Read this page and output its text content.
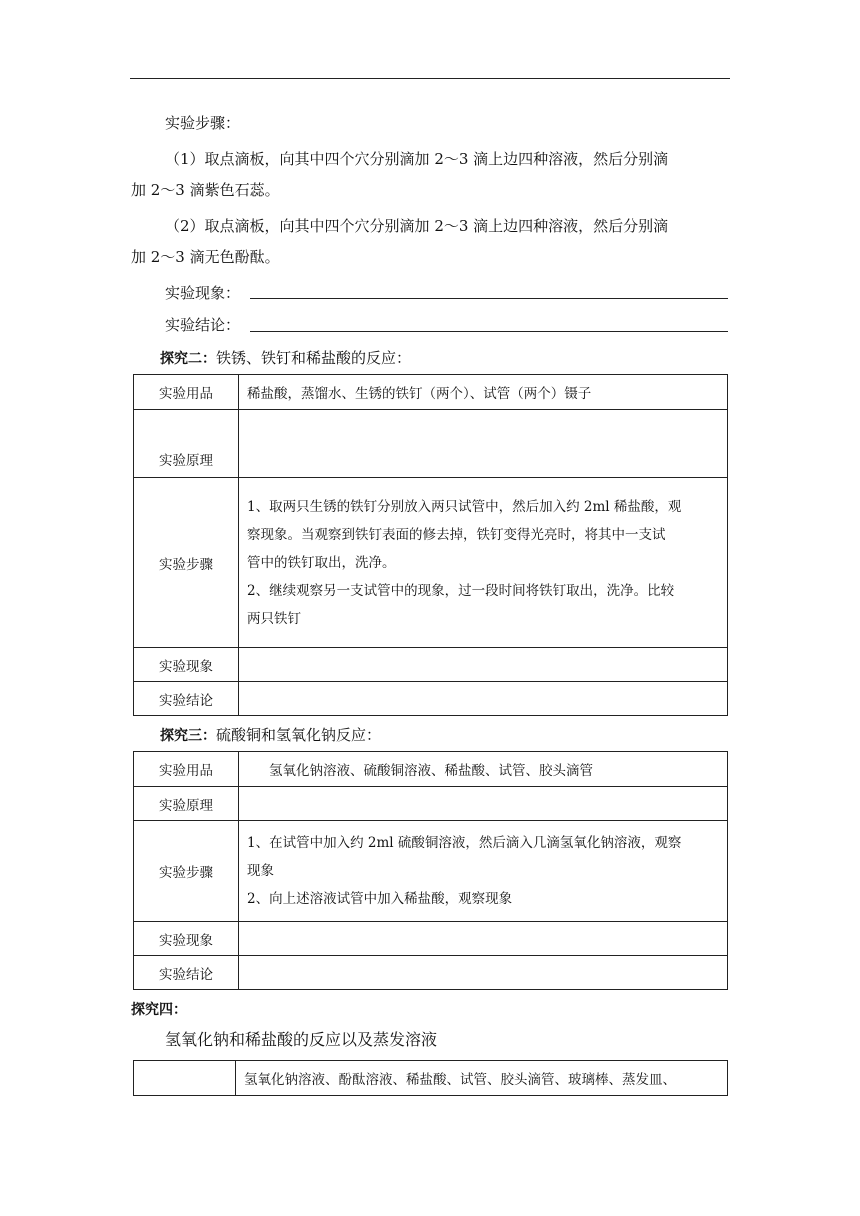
实验步骤：
（1）取点滴板，向其中四个穴分别滴加 2～3 滴上边四种溶液，然后分别滴
加 2～3 滴紫色石蕊。
（2）取点滴板，向其中四个穴分别滴加 2～3 滴上边四种溶液，然后分别滴
加 2～3 滴无色酚酞。
实验现象：
实验结论：
探究二：铁锈、铁钉和稀盐酸的反应：
实验用品	稀盐酸，蒸馏水、生锈的铁钉（两个）、试管（两个）镊子
实验原理	
实验步骤	1、取两只生锈的铁钉分别放入两只试管中，然后加入约 2ml 稀盐酸，观

察现象。当观察到铁钉表面的修去掉，铁钉变得光亮时，将其中一支试

管中的铁钉取出，洗净。

2、继续观察另一支试管中的现象，过一段时间将铁钉取出，洗净。比较

两只铁钉

实验现象	
实验结论	
探究三：硫酸铜和氢氧化钠反应：
实验用品	氢氧化钠溶液、硫酸铜溶液、稀盐酸、试管、胶头滴管
实验原理	
实验步骤	1、在试管中加入约 2ml 硫酸铜溶液，然后滴入几滴氢氧化钠溶液，观察

现象

2、向上述溶液试管中加入稀盐酸，观察现象

实验现象	
实验结论	
探究四：
氢氧化钠和稀盐酸的反应以及蒸发溶液
	氢氧化钠溶液、酚酞溶液、稀盐酸、试管、胶头滴管、玻璃棒、蒸发皿、
